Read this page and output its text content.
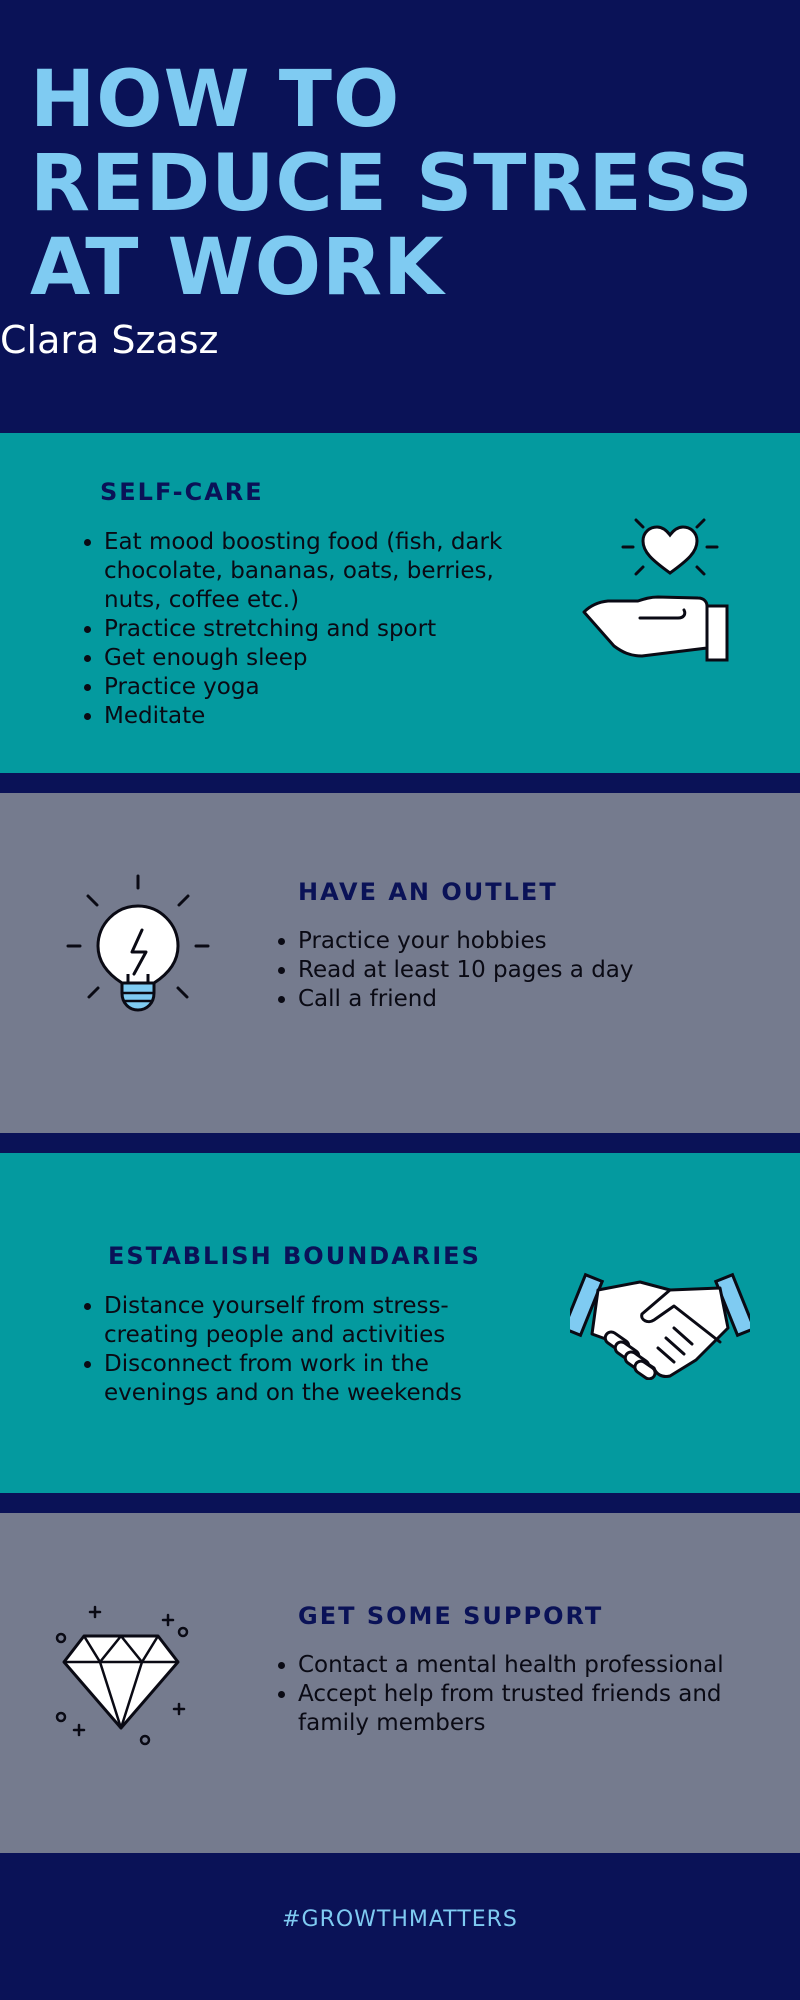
HOW TO REDUCE STRESS AT WORK
Clara Szasz
SELF-CARE
• Eat mood boosting food (fish, dark chocolate, bananas, oats, berries, nuts, coffee etc.)
• Practice stretching and sport
• Get enough sleep
• Practice yoga
• Meditate
HAVE AN OUTLET
• Practice your hobbies
• Read at least 10 pages a day
• Call a friend
ESTABLISH BOUNDARIES
• Distance yourself from stress-creating people and activities
• Disconnect from work in the evenings and on the weekends
GET SOME SUPPORT
• Contact a mental health professional
• Accept help from trusted friends and family members
#GROWTHMATTERS
